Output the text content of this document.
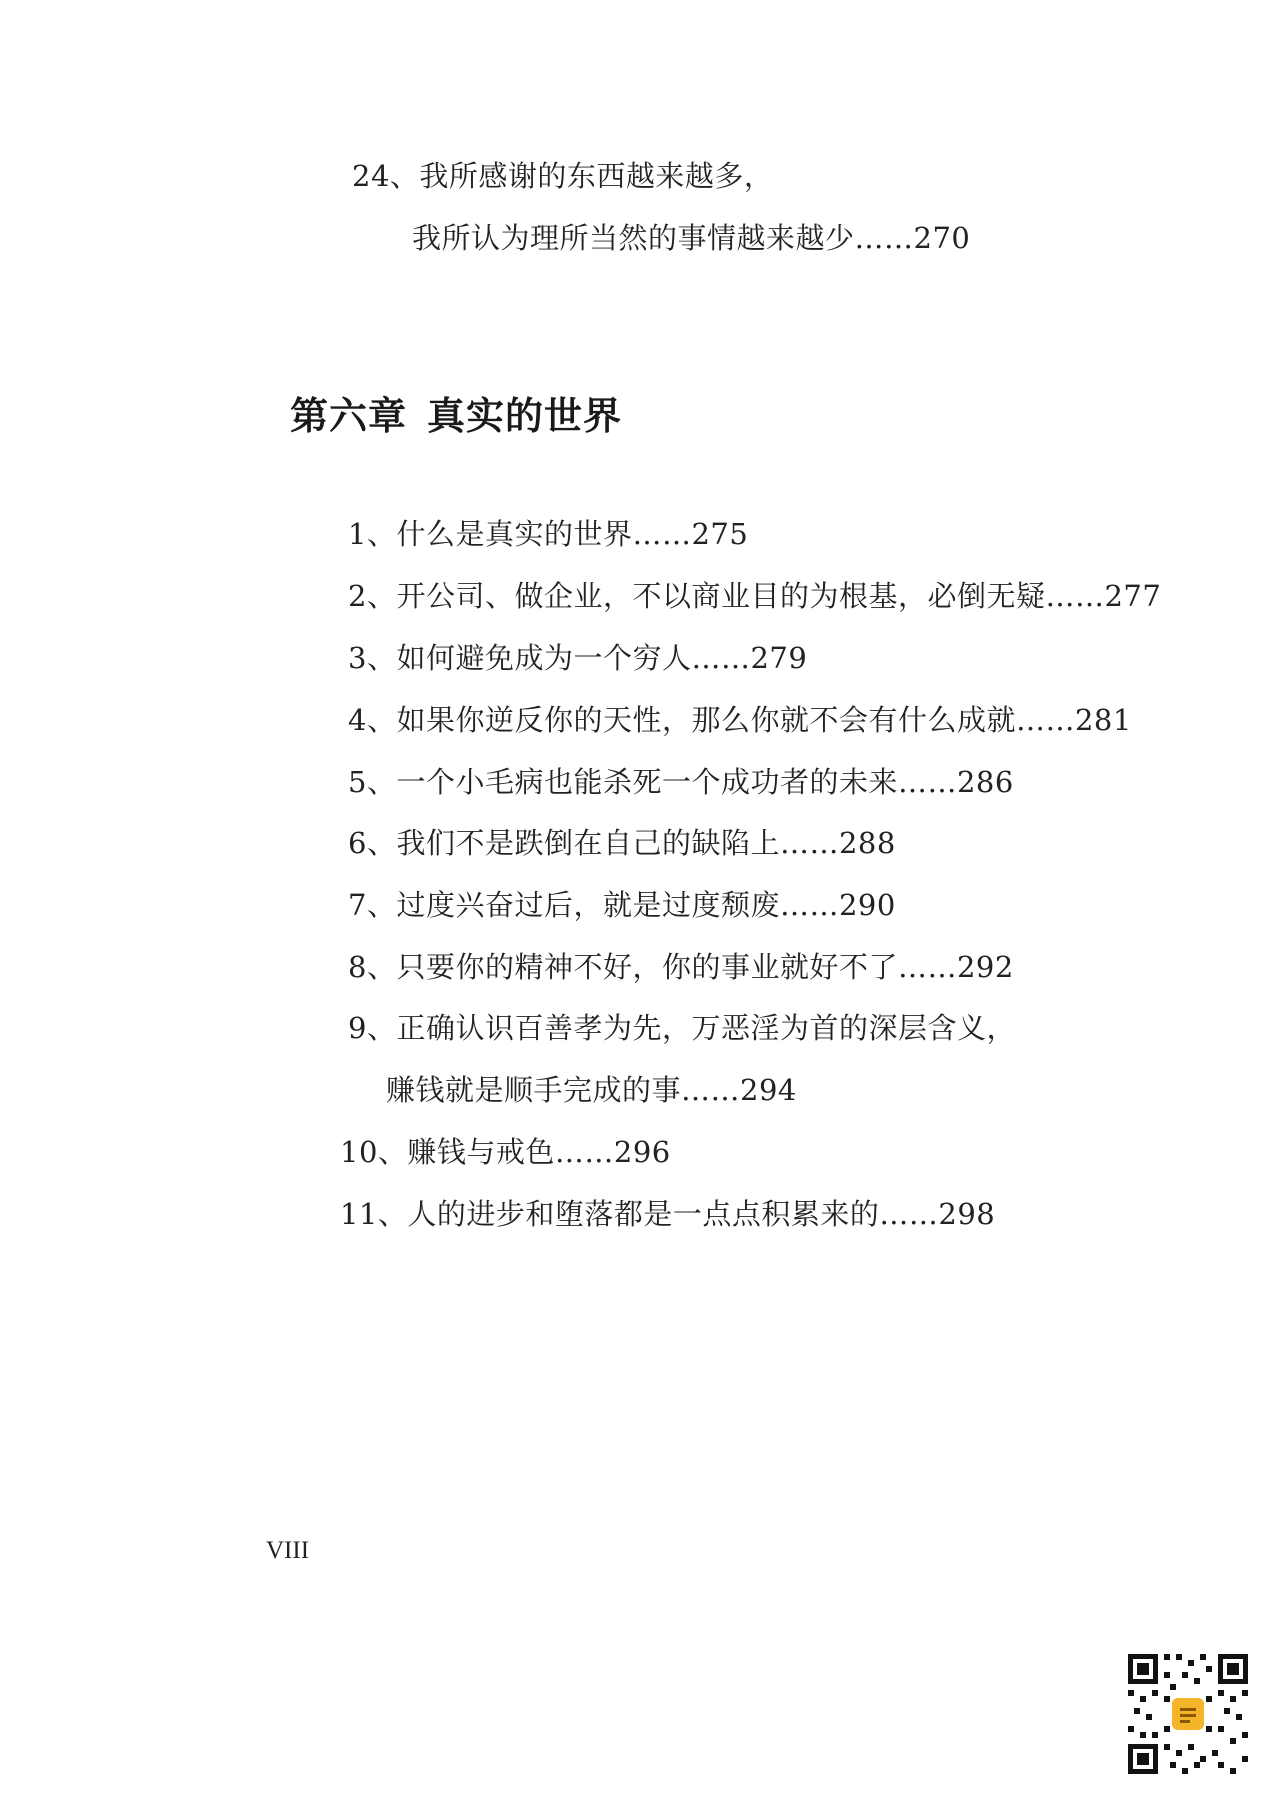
24、我所感谢的东西越来越多，
我所认为理所当然的事情越来越少……270
第六章 真实的世界
1、什么是真实的世界……275
2、开公司、做企业，不以商业目的为根基，必倒无疑……277
3、如何避免成为一个穷人……279
4、如果你逆反你的天性，那么你就不会有什么成就……281
5、一个小毛病也能杀死一个成功者的未来……286
6、我们不是跌倒在自己的缺陷上……288
7、过度兴奋过后，就是过度颓废……290
8、只要你的精神不好，你的事业就好不了……292
9、正确认识百善孝为先，万恶淫为首的深层含义，
赚钱就是顺手完成的事……294
10、赚钱与戒色……296
11、人的进步和堕落都是一点点积累来的……298
VIII
